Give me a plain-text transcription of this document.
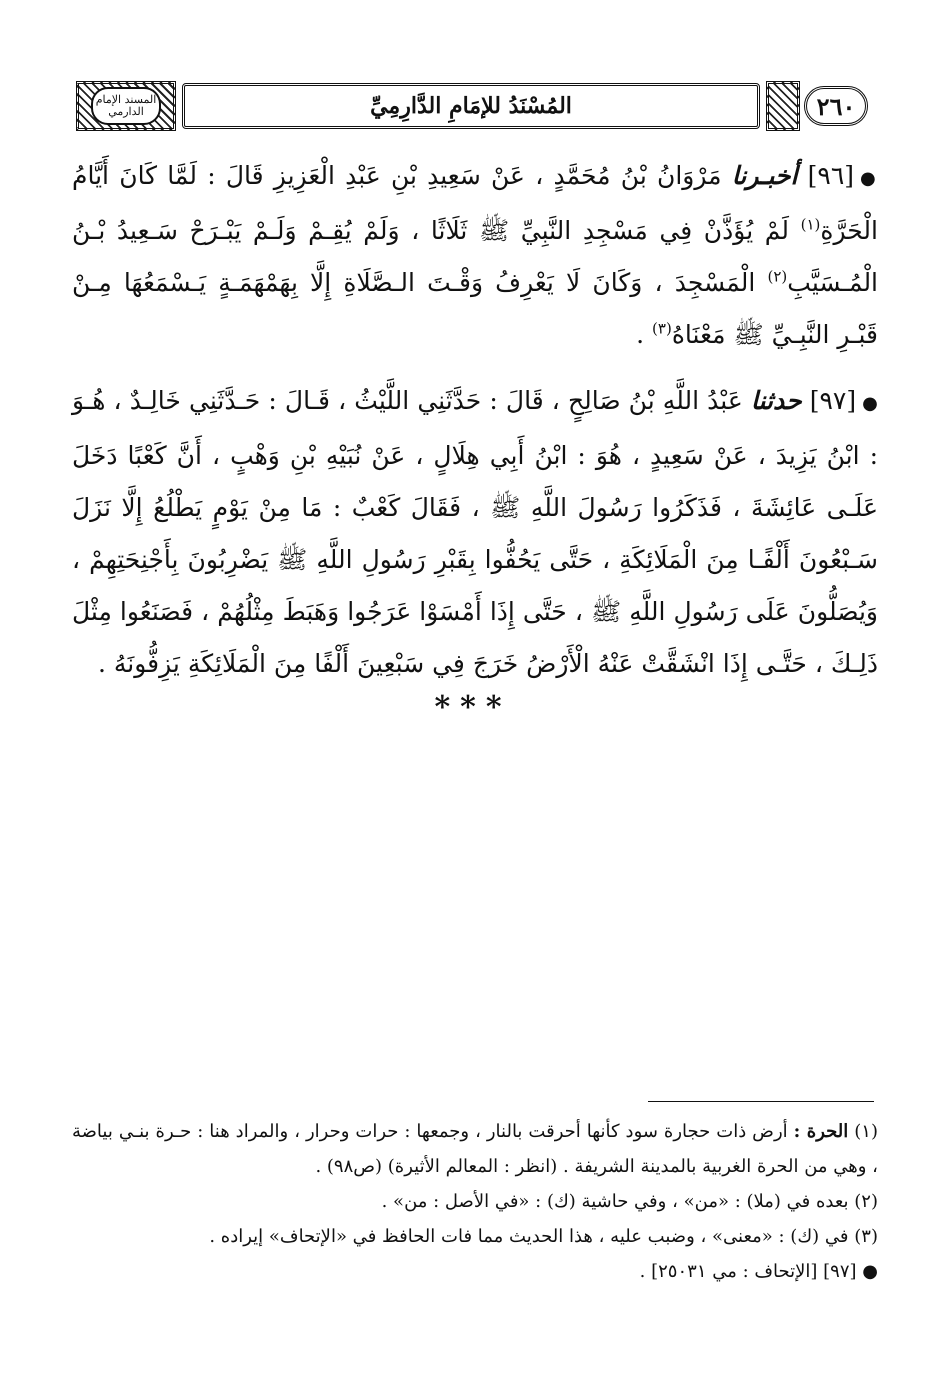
٢٦٠
المُسْنَدُ للإمَامِ الدَّارِمِيِّ
المسند الإمام الدارمي

●[٩٦] أخبـرنا مَرْوَانُ بْنُ مُحَمَّدٍ ، عَنْ سَعِيدِ بْنِ عَبْدِ الْعَزِيزِ قَالَ : لَمَّا كَانَ أَيَّامُ الْحَرَّةِ$^{(١)}$ لَمْ يُؤَذَّنْ فِي مَسْجِدِ النَّبِيِّ ﷺ ثَلَاثًا ، وَلَمْ يُقِـمْ وَلَـمْ يَبْـرَحْ سَـعِيدُ بْـنُ الْمُـسَيَّبِ$^{(٢)}$ الْمَسْجِدَ ، وَكَانَ لَا يَعْرِفُ وَقْـتَ الـصَّلَاةِ إِلَّا بِهَمْهَمَـةٍ يَـسْمَعُهَا مِـنْ قَبْـرِ النَّبِـيِّ ﷺ مَعْنَاهُ$^{(٣)}$ .

●[٩٧] حدثنا عَبْدُ اللَّهِ بْنُ صَالِحٍ ، قَالَ : حَدَّثَنِي اللَّيْثُ ، قَـالَ : حَـدَّثَنِي خَالِـدٌ ، هُـوَ : ابْنُ يَزِيدَ ، عَنْ سَعِيدٍ ، هُوَ : ابْنُ أَبِي هِلَالٍ ، عَنْ نُبَيْهِ بْنِ وَهْبٍ ، أَنَّ كَعْبًا دَخَلَ عَلَـى عَائِشَةَ ، فَذَكَرُوا رَسُولَ اللَّهِ ﷺ ، فَقَالَ كَعْبٌ : مَا مِنْ يَوْمٍ يَطْلُعُ إِلَّا نَزَلَ سَـبْعُونَ أَلْفًـا مِنَ الْمَلَائِكَةِ ، حَتَّى يَحُفُّوا بِقَبْرِ رَسُولِ اللَّهِ ﷺ يَضْرِبُونَ بِأَجْنِحَتِهِمْ ، وَيُصَلُّونَ عَلَى رَسُولِ اللَّهِ ﷺ ، حَتَّى إِذَا أَمْسَوْا عَرَجُوا وَهَبَطَ مِثْلُهُمْ ، فَصَنَعُوا مِثْلَ ذَلِـكَ ، حَتَّـى إِذَا انْشَقَّتْ عَنْهُ الْأَرْضُ خَرَجَ فِي سَبْعِينَ أَلْفًا مِنَ الْمَلَائِكَةِ يَزِفُّونَهُ .

***

(١) الحرة : أرض ذات حجارة سود كأنها أحرقت بالنار ، وجمعها : حرات وحرار ، والمراد هنا : حـرة بنـي بياضة ، وهي من الحرة الغربية بالمدينة الشريفة . (انظر : المعالم الأثيرة) (ص٩٨) .

(٢) بعده في (ملا) : «من» ، وفي حاشية (ك) : «في الأصل : من» .

(٣) في (ك) : «معنى» ، وضبب عليه ، هذا الحديث مما فات الحافظ في «الإتحاف» إيراده .

● [٩٧] [الإتحاف : مي ٢٥٠٣١] .
